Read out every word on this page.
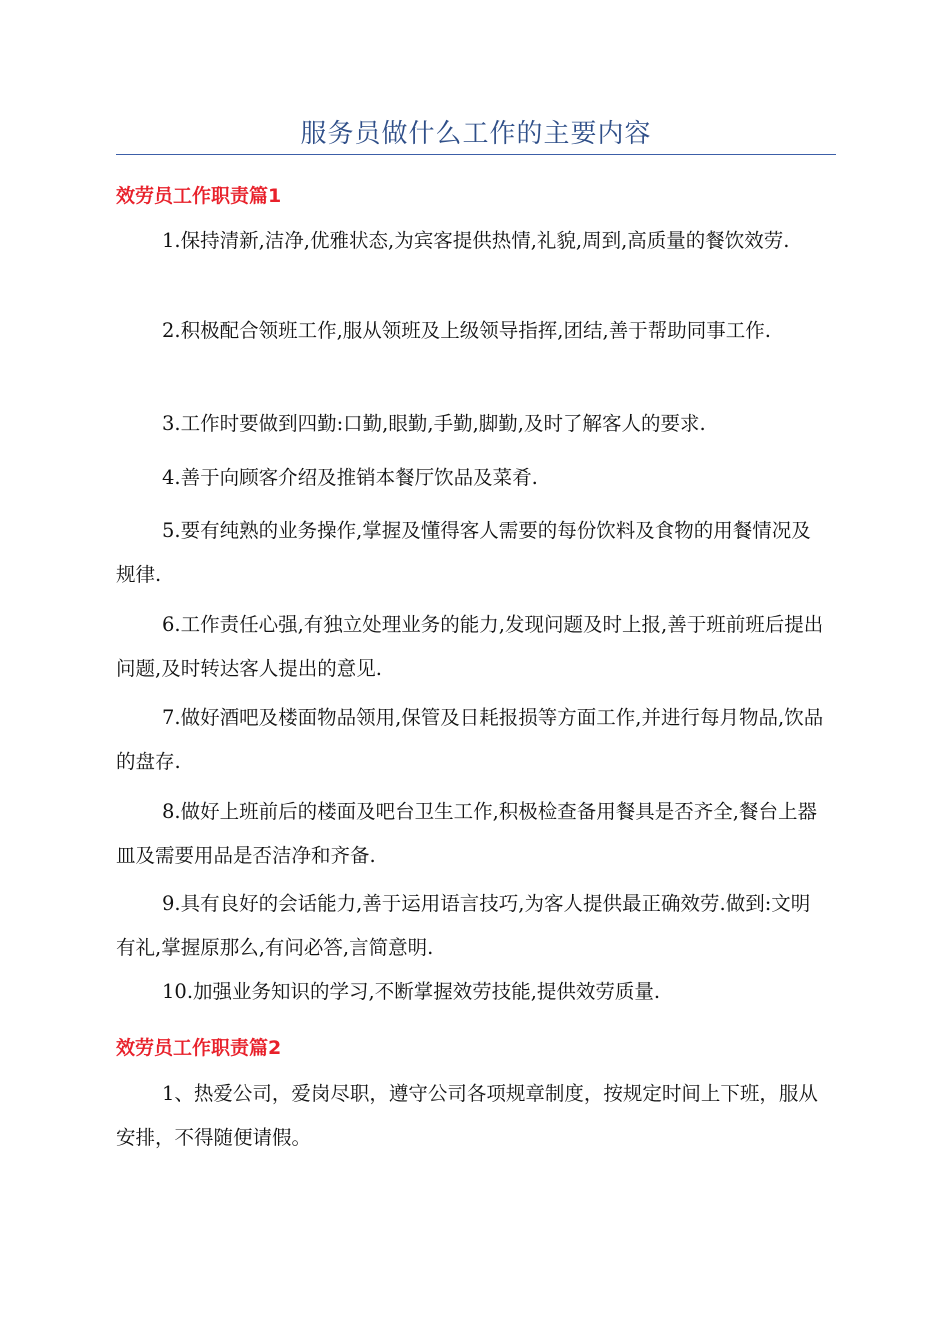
服务员做什么工作的主要内容
效劳员工作职责篇1

1.保持清新,洁净,优雅状态,为宾客提供热情,礼貌,周到,高质量的餐饮效劳.

2.积极配合领班工作,服从领班及上级领导指挥,团结,善于帮助同事工作.

3.工作时要做到四勤:口勤,眼勤,手勤,脚勤,及时了解客人的要求.

4.善于向顾客介绍及推销本餐厅饮品及菜肴.

5.要有纯熟的业务操作,掌握及懂得客人需要的每份饮料及食物的用餐情况及规律.

6.工作责任心强,有独立处理业务的能力,发现问题及时上报,善于班前班后提出问题,及时转达客人提出的意见.

7.做好酒吧及楼面物品领用,保管及日耗报损等方面工作,并进行每月物品,饮品的盘存.

8.做好上班前后的楼面及吧台卫生工作,积极检查备用餐具是否齐全,餐台上器皿及需要用品是否洁净和齐备.

9.具有良好的会话能力,善于运用语言技巧,为客人提供最正确效劳.做到:文明有礼,掌握原那么,有问必答,言简意明.

10.加强业务知识的学习,不断掌握效劳技能,提供效劳质量.

效劳员工作职责篇2

1、热爱公司，爱岗尽职，遵守公司各项规章制度，按规定时间上下班，服从安排，不得随便请假。
